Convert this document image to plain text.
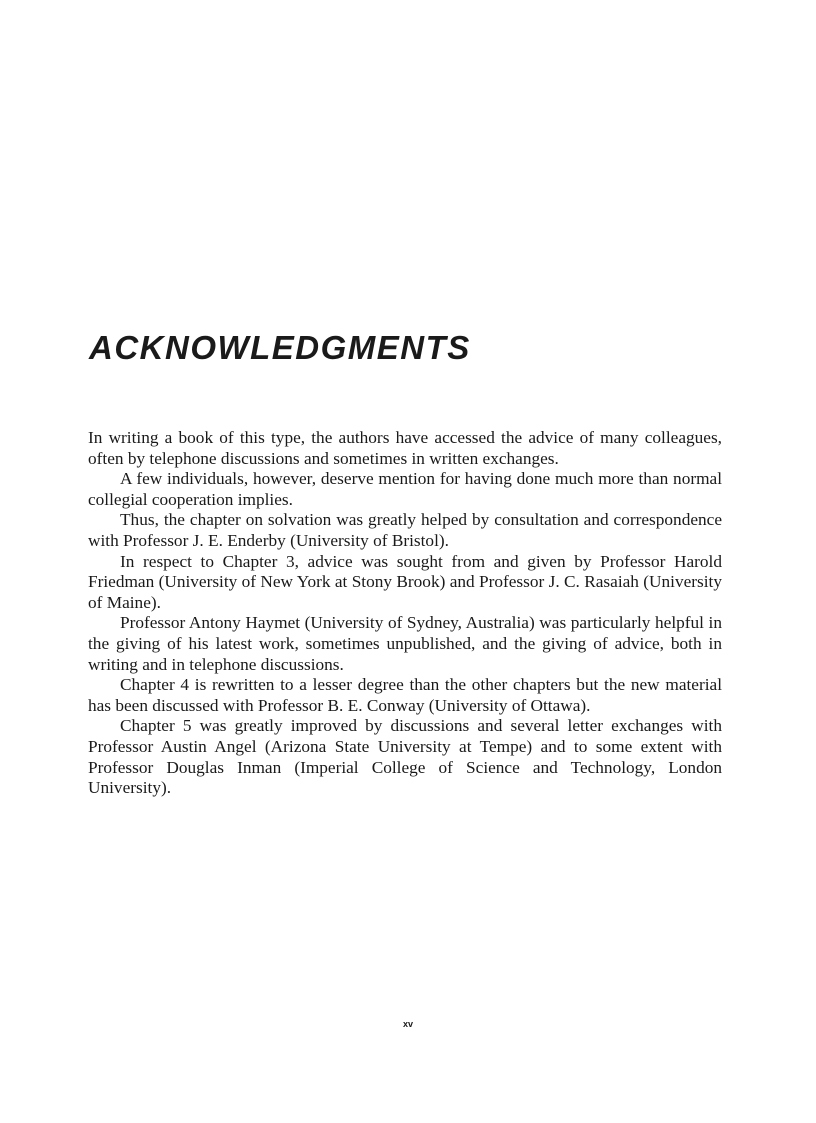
ACKNOWLEDGMENTS

In writing a book of this type, the authors have accessed the advice of many colleagues, often by telephone discussions and sometimes in written exchanges.

A few individuals, however, deserve mention for having done much more than normal collegial cooperation implies.

Thus, the chapter on solvation was greatly helped by consultation and correspondence with Professor J. E. Enderby (University of Bristol).

In respect to Chapter 3, advice was sought from and given by Professor Harold Friedman (University of New York at Stony Brook) and Professor J. C. Rasaiah (University of Maine).

Professor Antony Haymet (University of Sydney, Australia) was particularly helpful in the giving of his latest work, sometimes unpublished, and the giving of advice, both in writing and in telephone discussions.

Chapter 4 is rewritten to a lesser degree than the other chapters but the new material has been discussed with Professor B. E. Conway (University of Ottawa).

Chapter 5 was greatly improved by discussions and several letter exchanges with Professor Austin Angel (Arizona State University at Tempe) and to some extent with Professor Douglas Inman (Imperial College of Science and Technology, London University).

xv
